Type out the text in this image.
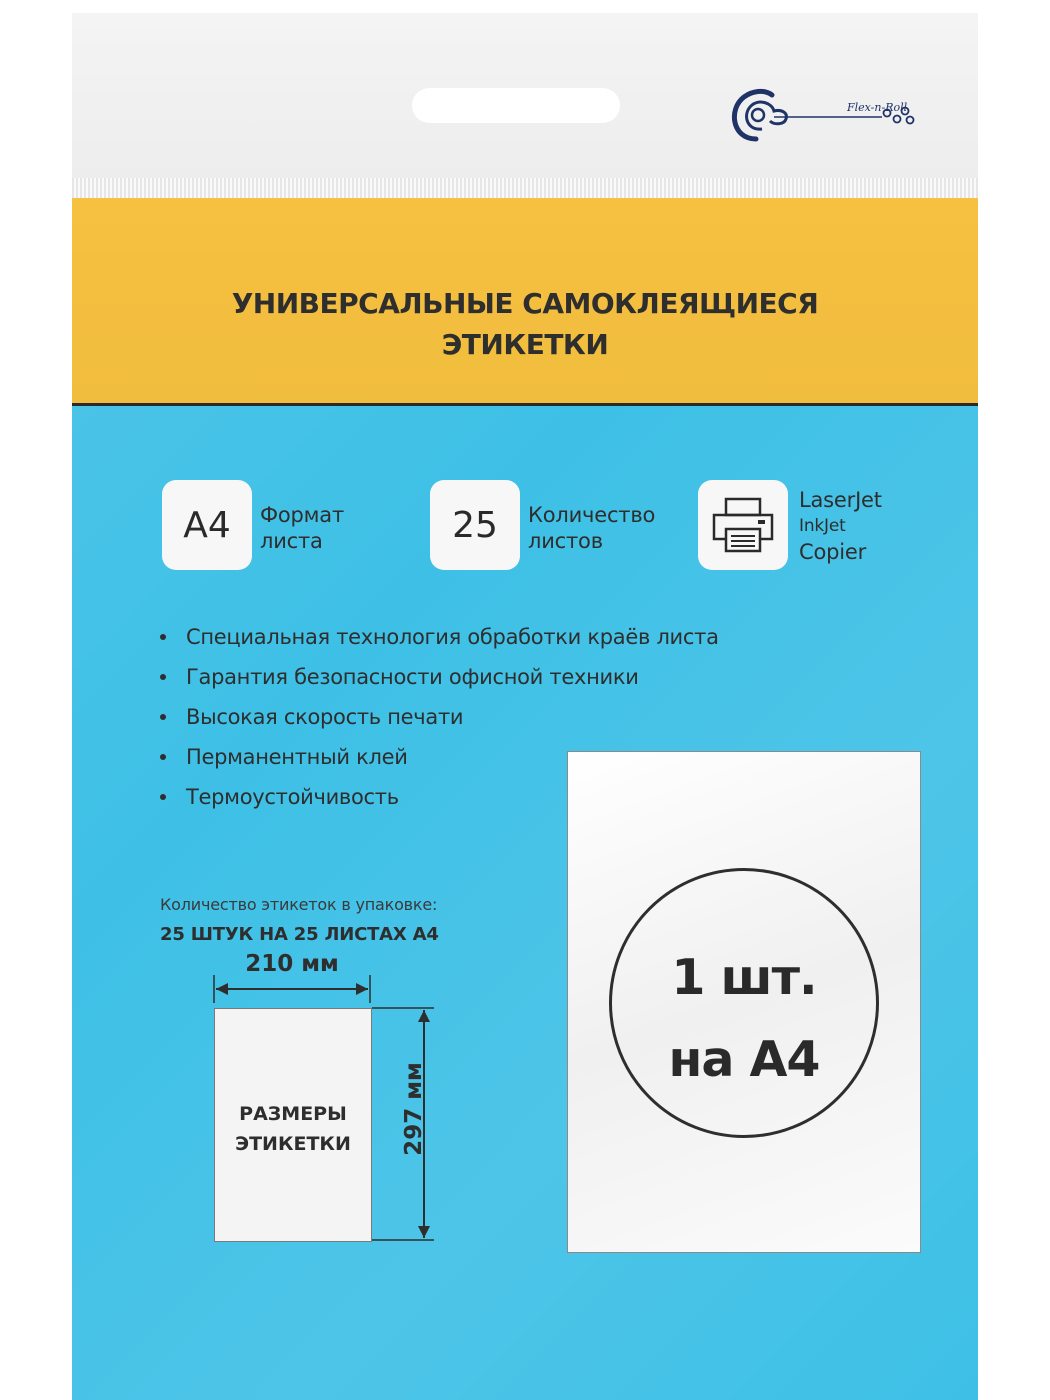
Flex-n-Roll
УНИВЕРСАЛЬНЫЕ САМОКЛЕЯЩИЕСЯ
ЭТИКЕТКИ
A4 Формат
листа	25 Количество
листов
LaserJet
InkJet
Copier
Специальная технология обработки краёв листа
Гарантия безопасности офисной техники
Высокая скорость печати
Перманентный клей
Термоустойчивость
Количество этикеток в упаковке:
25 ШТУК НА 25 ЛИСТАХ А4
210 мм
297 мм
РАЗМЕРЫ
ЭТИКЕТКИ
1 шт.
на А4
